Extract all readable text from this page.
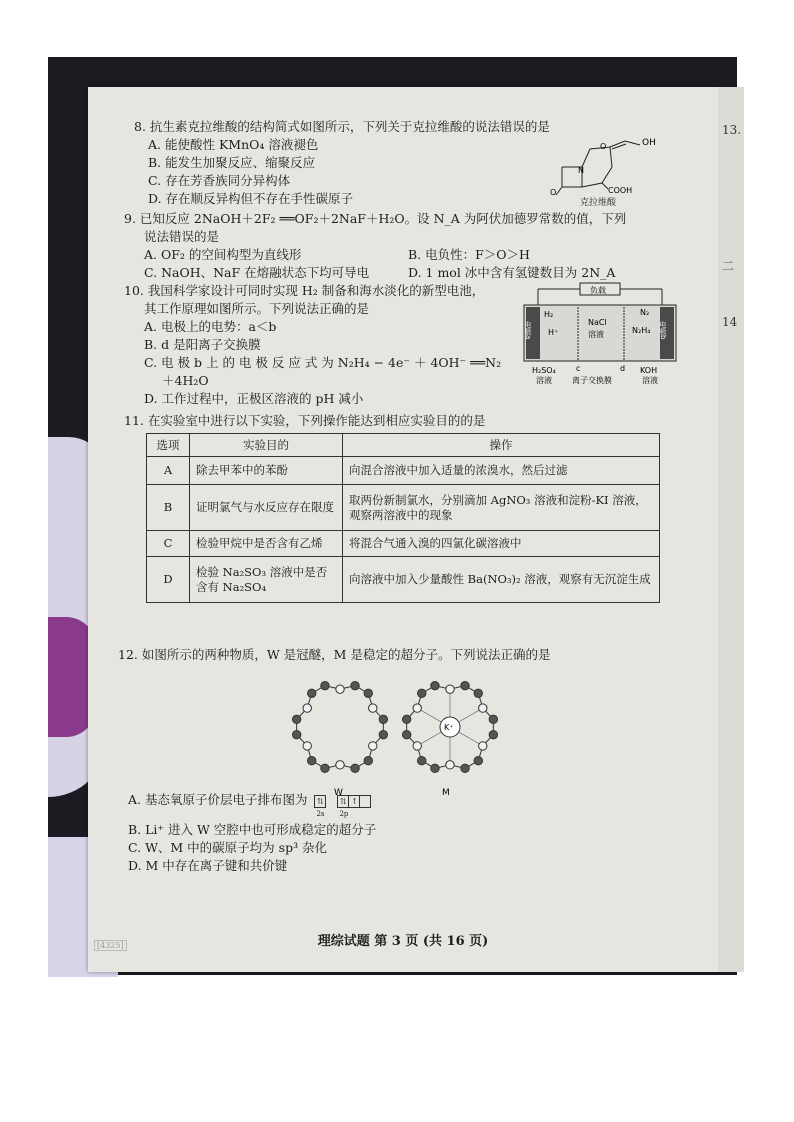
13.
二
14
8. 抗生素克拉维酸的结构简式如图所示，下列关于克拉维酸的说法错误的是
A. 能使酸性 KMnO₄ 溶液褪色
B. 能发生加聚反应、缩聚反应
C. 存在芳香族同分异构体
D. 存在顺反异构但不存在手性碳原子
OH
N
O
O	COOH
克拉维酸
9. 已知反应 2NaOH＋2F₂ ══OF₂＋2NaF＋H₂O。设 N_A 为阿伏加德罗常数的值，下列
说法错误的是
A. OF₂ 的空间构型为直线形	B. 电负性：F＞O＞H
C. NaOH、NaF 在熔融状态下均可导电	D. 1 mol 冰中含有氢键数目为 2N_A
10. 我国科学家设计可同时实现 H₂ 制备和海水淡化的新型电池，
其工作原理如图所示。下列说法正确的是
A. 电极上的电势：a＜b
B. d 是阳离子交换膜
C. 电 极 b 上 的 电 极 反 应 式 为 N₂H₄ − 4e⁻ ＋ 4OH⁻ ══N₂
＋4H₂O
D. 工作过程中，正极区溶液的 pH 减小
负载
电极a	电极b
H₂
H⁺
NaCl
溶液
N₂
N₂H₄
H₂SO₄
溶液
c	d
离子交换膜
KOH
溶液
11. 在实验室中进行以下实验，下列操作能达到相应实验目的的是
选项	实验目的	操作
A	除去甲苯中的苯酚	向混合溶液中加入适量的浓溴水，然后过滤
B	证明氯气与水反应存在限度	取两份新制氯水，分别滴加 AgNO₃ 溶液和淀粉-KI 溶液，观察两溶液中的现象
C	检验甲烷中是否含有乙烯	将混合气通入溴的四氯化碳溶液中
D	检验 Na₂SO₃ 溶液中是否含有 Na₂SO₄	向溶液中加入少量酸性 Ba(NO₃)₂ 溶液，观察有无沉淀生成
12. 如图所示的两种物质，W 是冠醚，M 是稳定的超分子。下列说法正确的是
W	M
K⁺
A. 基态氧原子价层电子排布图为 ⇅ ⇅ ↑
2s 2p
B. Li⁺ 进入 W 空腔中也可形成稳定的超分子
C. W、M 中的碳原子均为 sp³ 杂化
D. M 中存在离子键和共价键
理综试题 第 3 页 (共 16 页)
[4325]
